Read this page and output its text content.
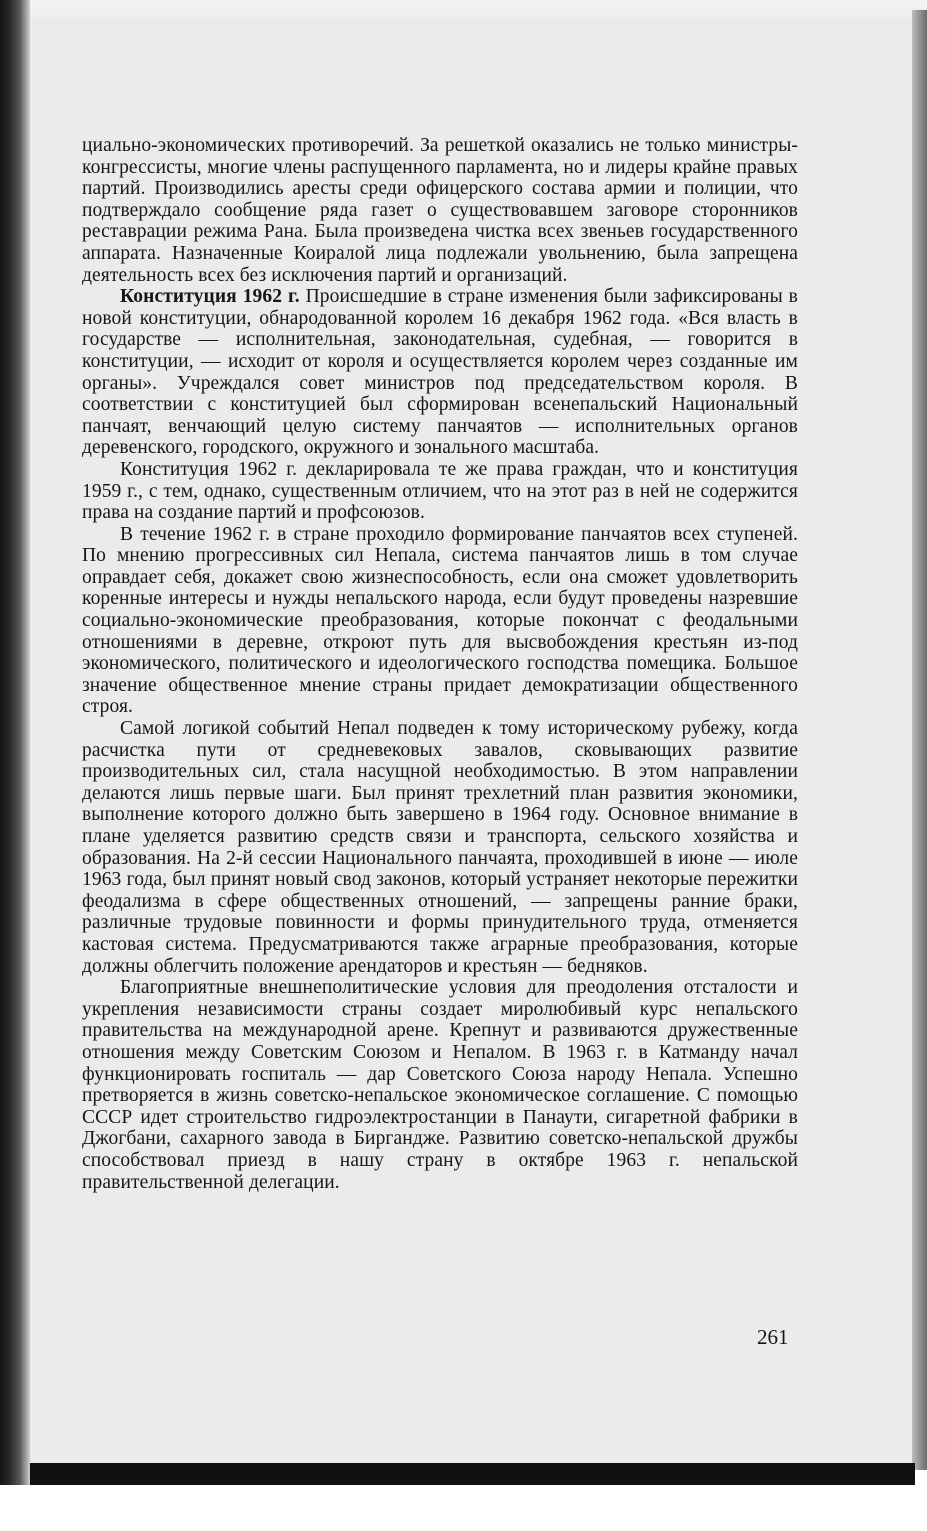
циально-экономических противоречий. За решеткой оказались не только министры-конгрессисты, многие члены распущенного парламента, но и лидеры крайне правых партий. Производились аресты среди офицерского состава армии и полиции, что подтверждало сообщение ряда газет о существовавшем заговоре сторонников реставрации режима Рана. Была произведена чистка всех звеньев государственного аппарата. Назначенные Коиралой лица подлежали увольнению, была запрещена деятельность всех без исключения партий и организаций.

Конституция 1962 г. Происшедшие в стране изменения были зафиксированы в новой конституции, обнародованной королем 16 декабря 1962 года. «Вся власть в государстве — исполнительная, законодательная, судебная, — говорится в конституции, — исходит от короля и осуществляется королем через созданные им органы». Учреждался совет министров под председательством короля. В соответствии с конституцией был сформирован всенепальский Национальный панчаят, венчающий целую систему панчаятов — исполнительных органов деревенского, городского, окружного и зонального масштаба.

Конституция 1962 г. декларировала те же права граждан, что и конституция 1959 г., с тем, однако, существенным отличием, что на этот раз в ней не содержится права на создание партий и профсоюзов.

В течение 1962 г. в стране проходило формирование панчаятов всех ступеней. По мнению прогрессивных сил Непала, система панчаятов лишь в том случае оправдает себя, докажет свою жизнеспособность, если она сможет удовлетворить коренные интересы и нужды непальского народа, если будут проведены назревшие социально-экономические преобразования, которые покончат с феодальными отношениями в деревне, откроют путь для высвобождения крестьян из-под экономического, политического и идеологического господства помещика. Большое значение общественное мнение страны придает демократизации общественного строя.

Самой логикой событий Непал подведен к тому историческому рубежу, когда расчистка пути от средневековых завалов, сковывающих развитие производительных сил, стала насущной необходимостью. В этом направлении делаются лишь первые шаги. Был принят трехлетний план развития экономики, выполнение которого должно быть завершено в 1964 году. Основное внимание в плане уделяется развитию средств связи и транспорта, сельского хозяйства и образования. На 2-й сессии Национального панчаята, проходившей в июне — июле 1963 года, был принят новый свод законов, который устраняет некоторые пережитки феодализма в сфере общественных отношений, — запрещены ранние браки, различные трудовые повинности и формы принудительного труда, отменяется кастовая система. Предусматриваются также аграрные преобразования, которые должны облегчить положение арендаторов и крестьян — бедняков.

Благоприятные внешнеполитические условия для преодоления отсталости и укрепления независимости страны создает миролюбивый курс непальского правительства на международной арене. Крепнут и развиваются дружественные отношения между Советским Союзом и Непалом. В 1963 г. в Катманду начал функционировать госпиталь — дар Советского Союза народу Непала. Успешно претворяется в жизнь советско-непальское экономическое соглашение. С помощью СССР идет строительство гидроэлектростанции в Панаути, сигаретной фабрики в Джогбани, сахарного завода в Биргандже. Развитию советско-непальской дружбы способствовал приезд в нашу страну в октябре 1963 г. непальской правительственной делегации.

261
